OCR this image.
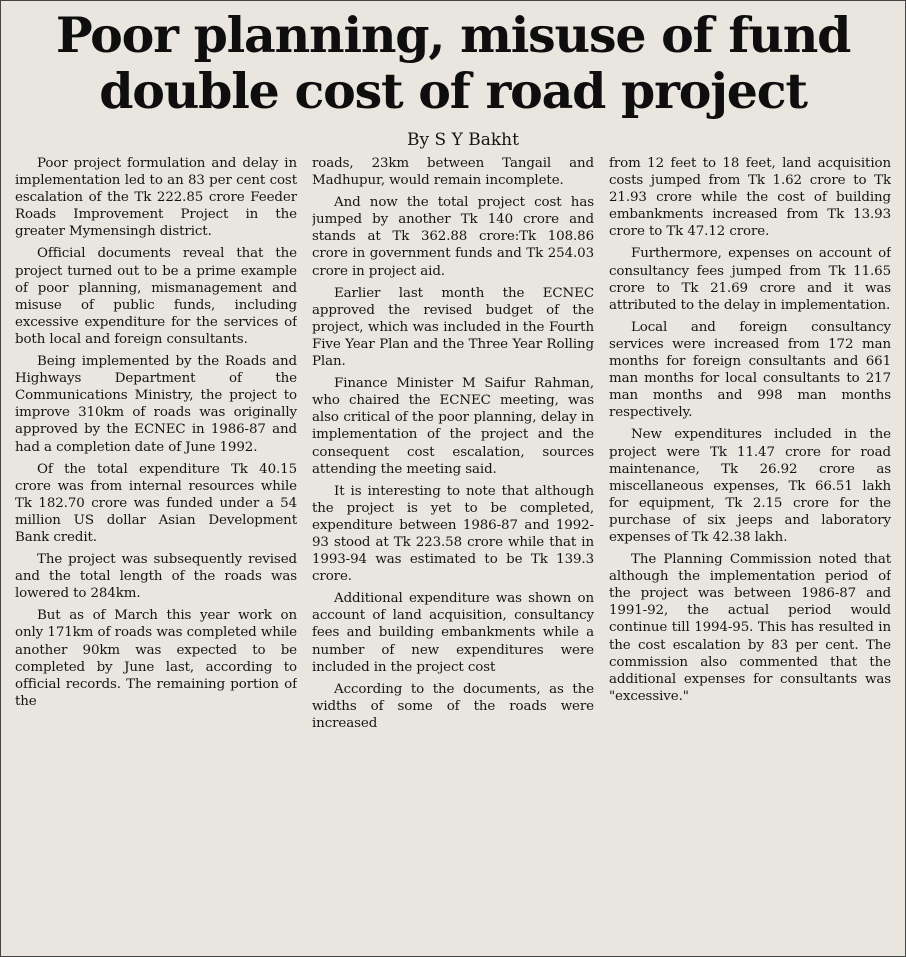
Poor planning, misuse of fund
double cost of road project
By S Y Bakht

Poor project formulation and delay in implementation led to an 83 per cent cost escalation of the Tk 222.85 crore Feeder Roads Improvement Project in the greater Mymensingh district.

Official documents reveal that the project turned out to be a prime example of poor planning, mismanagement and misuse of public funds, including excessive expenditure for the services of both local and foreign consultants.

Being implemented by the Roads and Highways Department of the Communications Ministry, the project to improve 310km of roads was originally approved by the ECNEC in 1986-87 and had a completion date of June 1992.

Of the total expenditure Tk 40.15 crore was from internal resources while Tk 182.70 crore was funded under a 54 million US dollar Asian Development Bank credit.

The project was subsequently revised and the total length of the roads was lowered to 284km.

But as of March this year work on only 171km of roads was completed while another 90km was expected to be completed by June last, according to official records. The remaining portion of the

roads, 23km between Tangail and Madhupur, would remain incomplete.

And now the total project cost has jumped by another Tk 140 crore and stands at Tk 362.88 crore:Tk 108.86 crore in government funds and Tk 254.03 crore in project aid.

Earlier last month the ECNEC approved the revised budget of the project, which was included in the Fourth Five Year Plan and the Three Year Rolling Plan.

Finance Minister M Saifur Rahman, who chaired the ECNEC meeting, was also critical of the poor planning, delay in implementation of the project and the consequent cost escalation, sources attending the meeting said.

It is interesting to note that although the project is yet to be completed, expenditure between 1986-87 and 1992-93 stood at Tk 223.58 crore while that in 1993-94 was estimated to be Tk 139.3 crore.

Additional expenditure was shown on account of land acquisition, consultancy fees and building embankments while a number of new expenditures were included in the project cost

According to the documents, as the widths of some of the roads were increased

from 12 feet to 18 feet, land acquisition costs jumped from Tk 1.62 crore to Tk 21.93 crore while the cost of building embankments increased from Tk 13.93 crore to Tk 47.12 crore.

Furthermore, expenses on account of consultancy fees jumped from Tk 11.65 crore to Tk 21.69 crore and it was attributed to the delay in implementation.

Local and foreign consultancy services were increased from 172 man months for foreign consultants and 661 man months for local consultants to 217 man months and 998 man months respectively.

New expenditures included in the project were Tk 11.47 crore for road maintenance, Tk 26.92 crore as miscellaneous expenses, Tk 66.51 lakh for equipment, Tk 2.15 crore for the purchase of six jeeps and laboratory expenses of Tk 42.38 lakh.

The Planning Commission noted that although the implementation period of the project was between 1986-87 and 1991-92, the actual period would continue till 1994-95. This has resulted in the cost escalation by 83 per cent. The commission also commented that the additional expenses for consultants was "excessive."
